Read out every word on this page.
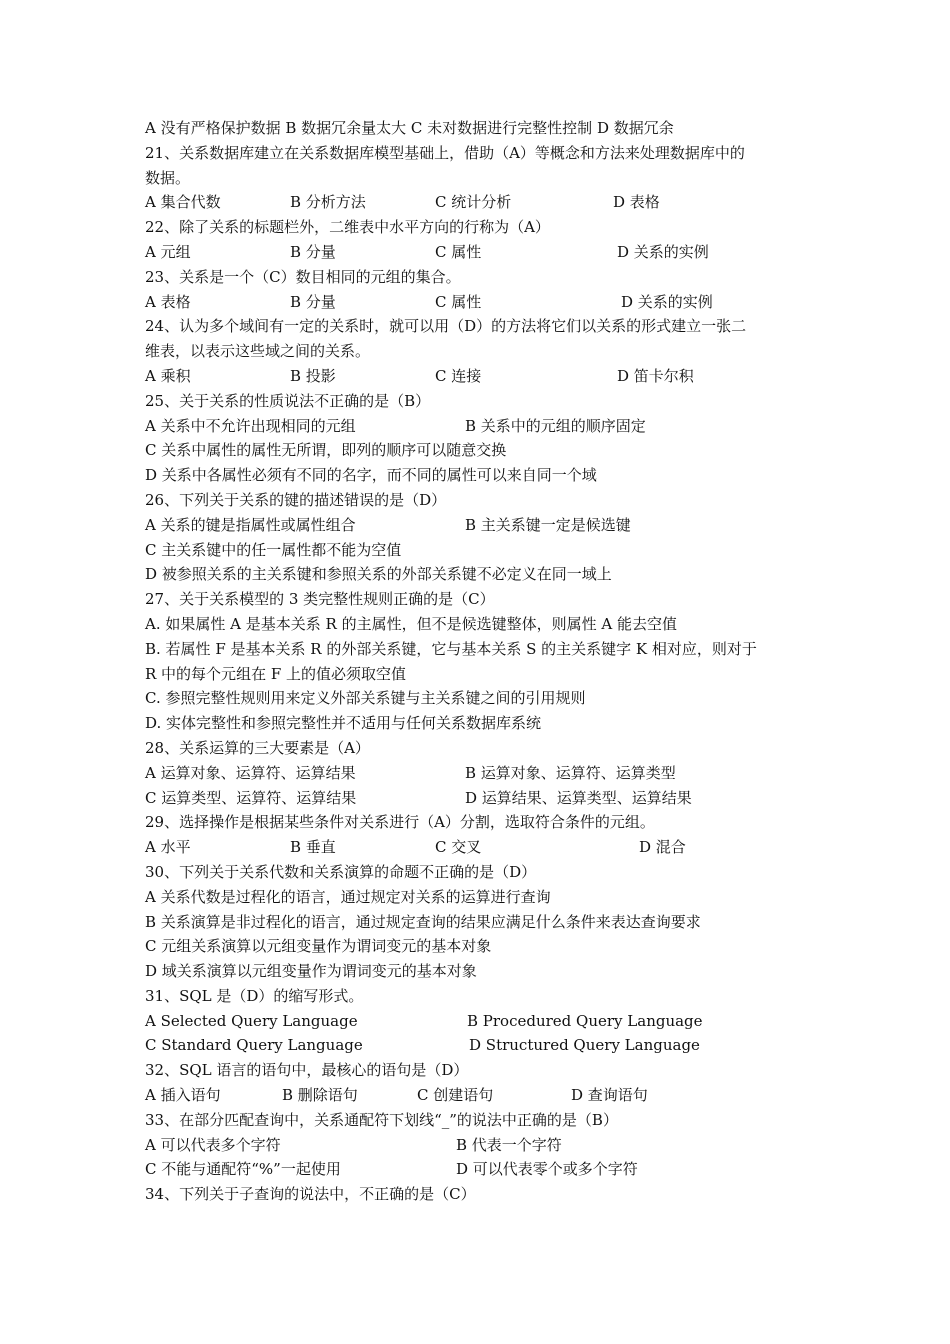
A 没有严格保护数据 B 数据冗余量太大 C 未对数据进行完整性控制 D 数据冗余
21、关系数据库建立在关系数据库模型基础上，借助（A）等概念和方法来处理数据库中的
数据。
A 集合代数	B 分析方法	C 统计分析	D 表格
22、除了关系的标题栏外，二维表中水平方向的行称为（A）
A 元组	B 分量	C 属性	D 关系的实例
23、关系是一个（C）数目相同的元组的集合。
A 表格	B 分量	C 属性	D 关系的实例
24、认为多个域间有一定的关系时，就可以用（D）的方法将它们以关系的形式建立一张二
维表，以表示这些域之间的关系。
A 乘积	B 投影	C 连接	D 笛卡尔积
25、关于关系的性质说法不正确的是（B）
A 关系中不允许出现相同的元组	B 关系中的元组的顺序固定
C 关系中属性的属性无所谓，即列的顺序可以随意交换
D 关系中各属性必须有不同的名字，而不同的属性可以来自同一个域
26、下列关于关系的键的描述错误的是（D）
A 关系的键是指属性或属性组合	B 主关系键一定是候选键
C 主关系键中的任一属性都不能为空值
D 被参照关系的主关系键和参照关系的外部关系键不必定义在同一域上
27、关于关系模型的 3 类完整性规则正确的是（C）
A. 如果属性 A 是基本关系 R 的主属性，但不是候选键整体，则属性 A 能去空值
B. 若属性 F 是基本关系 R 的外部关系键，它与基本关系 S 的主关系键字 K 相对应，则对于
R 中的每个元组在 F 上的值必须取空值
C. 参照完整性规则用来定义外部关系键与主关系键之间的引用规则
D. 实体完整性和参照完整性并不适用与任何关系数据库系统
28、关系运算的三大要素是（A）
A 运算对象、运算符、运算结果	B 运算对象、运算符、运算类型
C 运算类型、运算符、运算结果	D 运算结果、运算类型、运算结果
29、选择操作是根据某些条件对关系进行（A）分割，选取符合条件的元组。
A 水平	B 垂直	C 交叉	D 混合
30、下列关于关系代数和关系演算的命题不正确的是（D）
A 关系代数是过程化的语言，通过规定对关系的运算进行查询
B 关系演算是非过程化的语言，通过规定查询的结果应满足什么条件来表达查询要求
C 元组关系演算以元组变量作为谓词变元的基本对象
D 域关系演算以元组变量作为谓词变元的基本对象
31、SQL 是（D）的缩写形式。
A Selected Query Language	B Procedured Query Language
C Standard Query Language	D Structured Query Language
32、SQL 语言的语句中，最核心的语句是（D）
A 插入语句	B 删除语句	C 创建语句	D 查询语句
33、在部分匹配查询中，关系通配符下划线“_”的说法中正确的是（B）
A 可以代表多个字符	B 代表一个字符
C 不能与通配符“%”一起使用	D 可以代表零个或多个字符
34、下列关于子查询的说法中，不正确的是（C）
